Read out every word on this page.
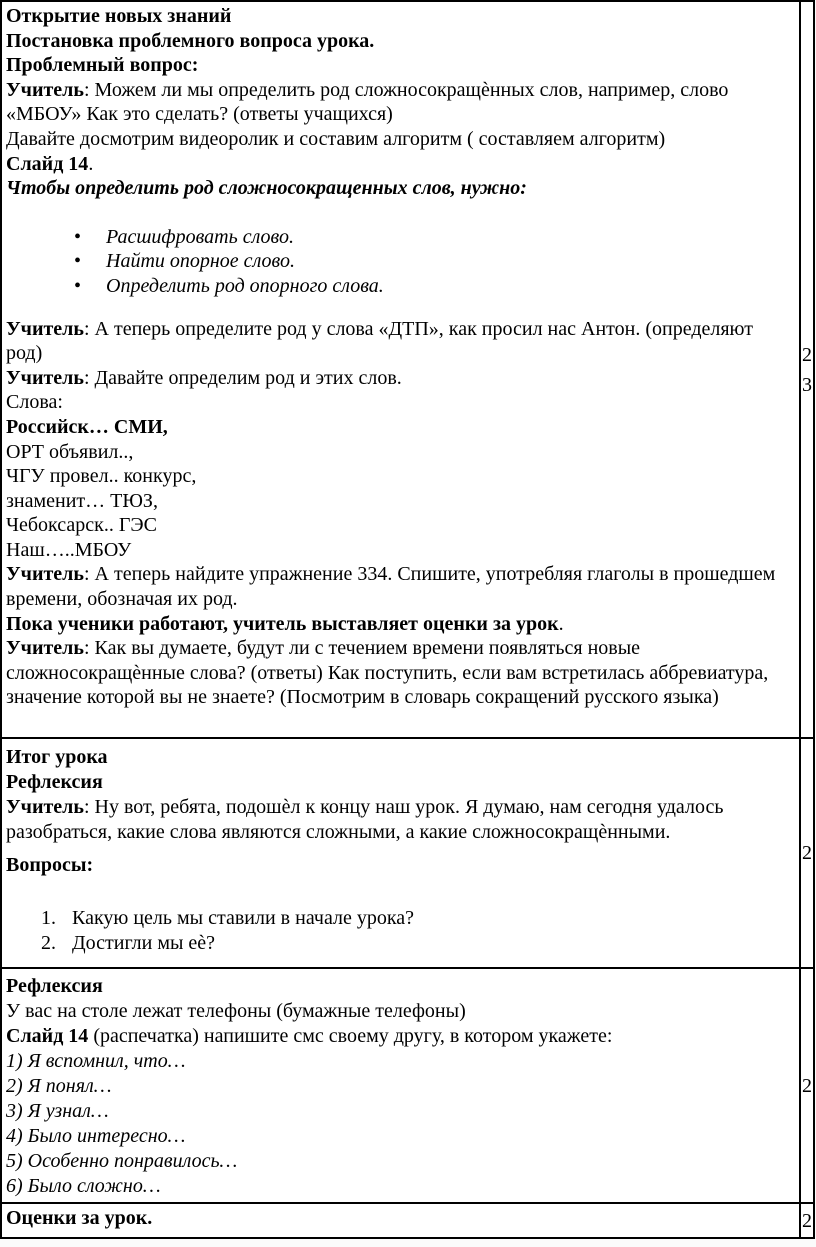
Открытие новых знаний

Постановка проблемного вопроса урока.

Проблемный вопрос:

Учитель: Можем ли мы определить род сложносокращѐнных слов, например, слово «МБОУ» Как это сделать? (ответы учащихся)

Давайте досмотрим видеоролик и составим алгоритм ( составляем алгоритм)

Слайд 14.

Чтобы определить род сложносокращенных слов, нужно:

• Расшифровать слово.
• Найти опорное слово.
• Определить род опорного слова.

Учитель: А теперь определите род у слова «ДТП», как просил нас Антон. (определяют род)

Учитель: Давайте определим род и этих слов.

Слова:

Российск… СМИ,

ОРТ объявил..,

ЧГУ провел.. конкурс,

знаменит… ТЮЗ,

Чебоксарск.. ГЭС

Наш…..МБОУ

Учитель: А теперь найдите упражнение 334. Спишите, употребляя глаголы в прошедшем времени, обозначая их род.

Пока ученики работают, учитель выставляет оценки за урок.

Учитель: Как вы думаете, будут ли с течением времени появляться новые сложносокращѐнные слова? (ответы) Как поступить, если вам встретилась аббревиатура, значение которой вы не знаете? (Посмотрим в словарь сокращений русского языка)

2
3

Итог урока

Рефлексия

Учитель: Ну вот, ребята, подошѐл к концу наш урок. Я думаю, нам сегодня удалось разобраться, какие слова являются сложными, а какие сложносокращѐнными.

Вопросы:

Какую цель мы ставили в начале урока?
Достигли мы еѐ?
2

Рефлексия

У вас на столе лежат телефоны (бумажные телефоны)

Слайд 14 (распечатка) напишите смс своему другу, в котором укажете:

1) Я вспомнил, что…

2) Я понял…

3) Я узнал…

4) Было интересно…

5) Особенно понравилось…

6) Было сложно…

2

Оценки за урок.	2
